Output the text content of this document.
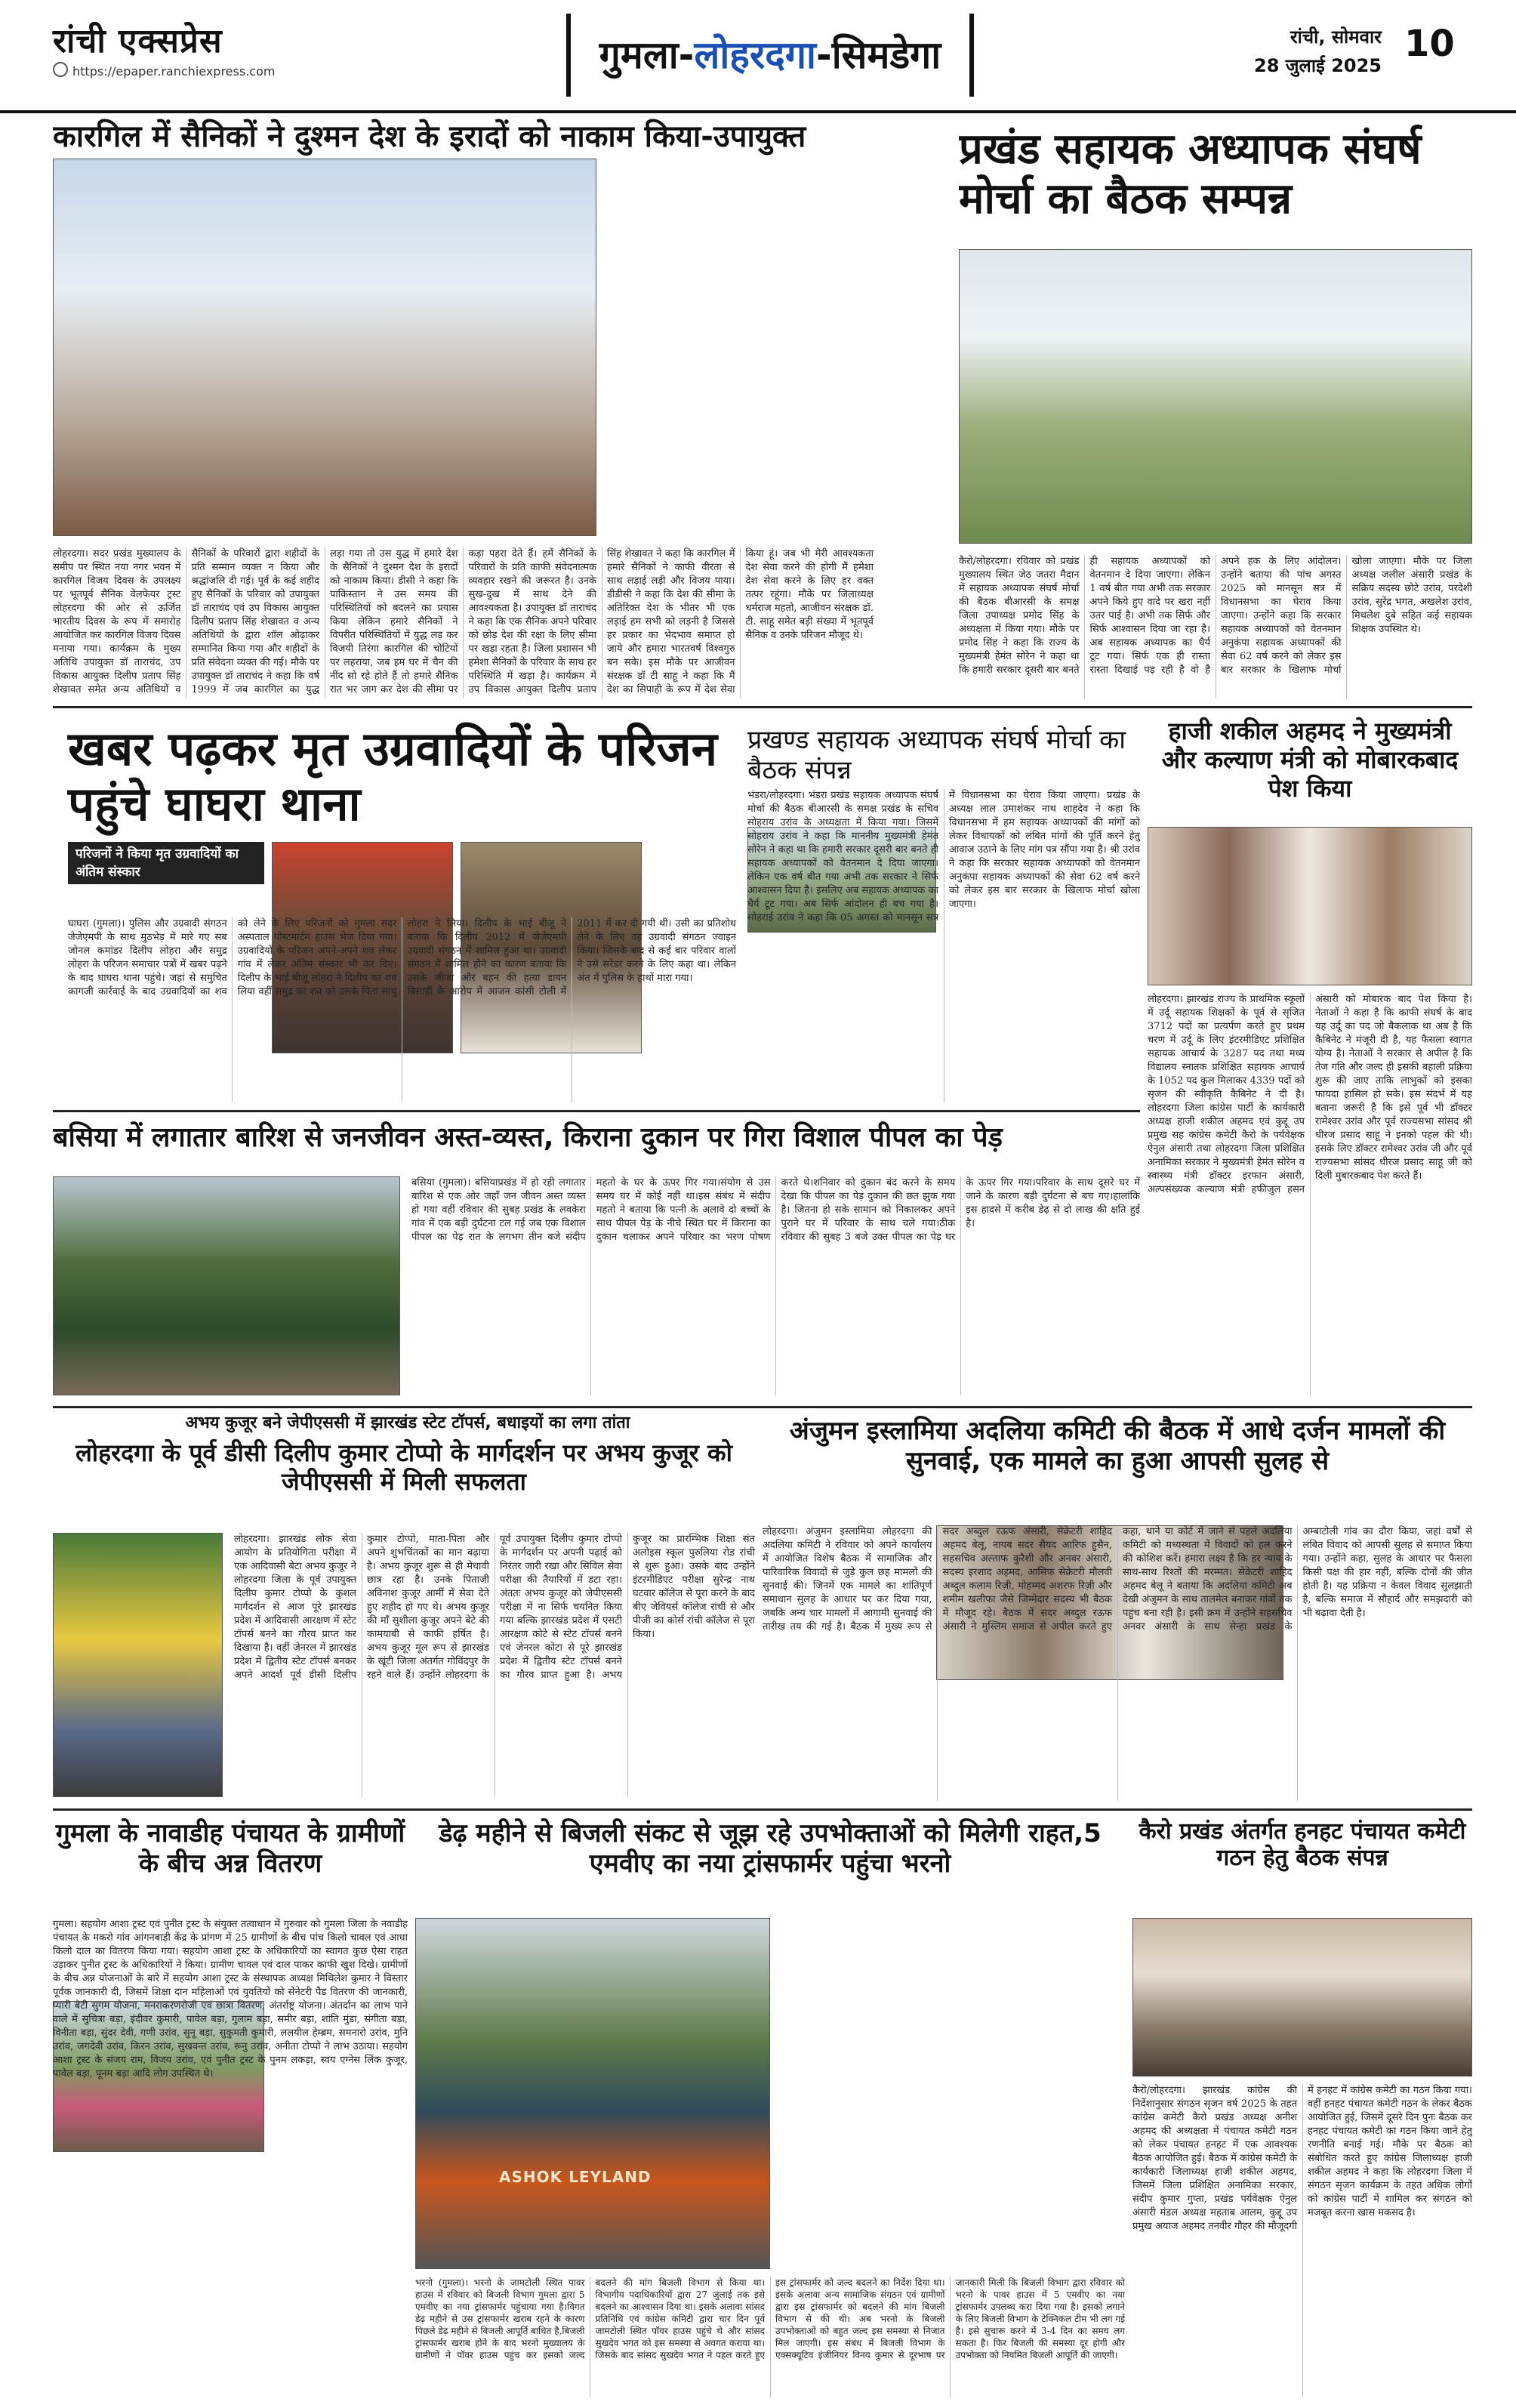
रांची एक्सप्रेस
https://epaper.ranchiexpress.com	गुमला-लोहरदगा-सिमडेगा	रांची, सोमवार
28 जुलाई 2025
10
कारगिल में सैनिकों ने दुश्मन देश के इरादों को नाकाम किया-उपायुक्त
लोहरदगा। सदर प्रखंड मुख्यालय के समीप पर स्थित नया नगर भवन में कारगिल विजय दिवस के उपलक्ष्य पर भूतपूर्व सैनिक वेलफेयर ट्रस्ट लोहरदगा की ओर से ऊर्जित भारतीय दिवस के रूप में समारोह आयोजित कर कारगिल विजय दिवस मनाया गया। कार्यक्रम के मुख्य अतिथि उपायुक्त डॉ ताराचंद, उप विकास आयुक्त दिलीप प्रताप सिंह शेखावत समेत अन्य अतिथियों व सैनिकों के परिवारों द्वारा शहीदों के प्रति सम्मान व्यक्त न किया और श्रद्धांजलि दी गई। पूर्व के कई शहीद हुए सैनिकों के परिवार को उपायुक्त डॉ ताराचंद एवं उप विकास आयुक्त दिलीप प्रताप सिंह शेखावत व अन्य अतिथियों के द्वारा शॉल ओढ़ाकर सम्मानित किया गया और शहीदों के प्रति संवेदना व्यक्त की गई। मौके पर उपायुक्त डॉ ताराचंद ने कहा कि वर्ष 1999 में जब कारगिल का युद्ध लड़ा गया तो उस युद्ध में हमारे देश के सैनिकों ने दुश्मन देश के इरादों को नाकाम किया। डीसी ने कहा कि पाकिस्तान ने उस समय की परिस्थितियों को बदलने का प्रयास किया लेकिन हमारे सैनिकों ने विपरीत परिस्थितियों में युद्ध लड़ कर विजयी तिरंगा कारगिल की चोटियों पर लहराया, जब हम घर में चैन की नींद सो रहे होते हैं तो हमारे सैनिक रात भर जाग कर देश की सीमा पर कड़ा पहरा देते हैं। हमें सैनिकों के परिवारों के प्रति काफी संवेदनात्मक व्यवहार रखने की जरूरत है। उनके सुख-दुख में साथ देने की आवश्यकता है। उपायुक्त डॉ ताराचंद ने कहा कि एक सैनिक अपने परिवार को छोड़ देश की रक्षा के लिए सीमा पर खड़ा रहता है। जिला प्रशासन भी हमेशा सैनिकों के परिवार के साथ हर परिस्थिति में खड़ा है। कार्यक्रम में उप विकास आयुक्त दिलीप प्रताप सिंह शेखावत ने कहा कि कारगिल में हमारे सैनिकों ने काफी वीरता से साथ लड़ाई लड़ी और विजय पाया। डीडीसी ने कहा कि देश की सीमा के अतिरिक्त देश के भीतर भी एक लड़ाई हम सभी को लड़नी है जिससे हर प्रकार का भेदभाव समाप्त हो जाये और हमारा भारतवर्ष विश्वगुरु बन सके। इस मौके पर आजीवन संरक्षक डॉ टी साहू ने कहा कि मैं देश का सिपाही के रूप में देश सेवा किया हूं। जब भी मेरी आवश्यकता देश सेवा करने की होगी मैं हमेशा देश सेवा करने के लिए हर वक्त तत्पर रहूंगा। मौके पर जिलाध्यक्ष धर्मराज महतो, आजीवन संरक्षक डॉ. टी. साहू समेत बड़ी संख्या में भूतपूर्व सैनिक व उनके परिजन मौजूद थे।
प्रखंड सहायक अध्यापक संघर्ष मोर्चा का बैठक सम्पन्न
कैरो/लोहरदगा। रविवार को प्रखंड मुख्यालय स्थित जेठ जतरा मैदान में सहायक अध्यापक संघर्ष मोर्चा की बैठक बीआरसी के समक्ष जिला उपाध्यक्ष प्रमोद सिंह के अध्यक्षता में किया गया। मौके पर प्रमोद सिंह ने कहा कि राज्य के मुख्यमंत्री हेमंत सोरेन ने कहा था कि हमारी सरकार दूसरी बार बनते ही सहायक अध्यापकों को वेतनमान दे दिया जाएगा। लेकिन 1 वर्ष बीत गया अभी तक सरकार अपने किये हुए वादे पर खरा नहीं उतर पाई है। अभी तक सिर्फ और सिर्फ आश्वासन दिया जा रहा है। अब सहायक अध्यापक का धैर्य टूट गया। सिर्फ एक ही रास्ता रास्ता दिखाई पड़ रही है वो है अपने हक के लिए आंदोलन। उन्होंने बताया की पांच अगस्त 2025 को मानसून सत्र में विधानसभा का घेराव किया जाएगा। उन्होंने कहा कि सरकार सहायक अध्यापकों को वेतनमान अनुकंपा सहायक अध्यापकों की सेवा 62 वर्ष करने को लेकर इस बार सरकार के खिलाफ मोर्चा खोला जाएगा। मौके पर जिला अध्यक्ष जलील अंसारी प्रखंड के सक्रिय सदस्य छोटे उरांव, परदेशी उरांव, सुरेंद्र भगत, अखलेश उरांव, मिथलेश दुबे सहित कई सहायक शिक्षक उपस्थित थे।
खबर पढ़कर मृत उग्रवादियों के परिजन पहुंचे घाघरा थाना
परिजनों ने किया मृत उग्रवादियों का अंतिम संस्कार
घाघरा (गुमला)। पुलिस और उग्रवादी संगठन जेजेएमपी के साथ मुठभेड़ में मारे गए सब जोनल कमांडर दिलीप लोहरा और समुद्र लोहरा के परिजन समाचार पत्रों में खबर पढ़ने के बाद घाघरा थाना पहुंचे। जहां से समुचित कागजी कार्रवाई के बाद उग्रवादियों का शव को लेने के लिए परिजनों को गुमला सदर अस्पताल पोस्टमार्टम हाउस भेज दिया गया। उग्रवादियों के परिजन अपने-अपने शव लेकर गांव में लेकर अंतिम संस्कार भी कर दिए। दिलीप के भाई बीजू लोहरा ने दिलीप का शव लिया वहीं समुद्र का शव को उसके पिता साधु लोहरा ने लिया। दिलीप के भाई बीजू ने बताया कि दिलीप 2012 में जेजेएमपी उग्रवादी संगठन में शामिल हुआ था। उग्रवादी संगठन में शामिल होने का कारण बताया कि उसके जीजा और बहन की हत्या डायन बिसाही के आरोप में आजन कांसी टोली में 2011 में कर दी गयी थी। उसी का प्रतिशोध लेने के लिए वह उग्रवादी संगठन ज्वाइन किया। जिसके बाद से कई बार परिवार वालों ने उसे सरेंडर करने के लिए कहा था। लेकिन अंत में पुलिस के हाथों मारा गया।
प्रखण्ड सहायक अध्यापक संघर्ष मोर्चा का बैठक संपन्न
भंडरा/लोहरदगा। भंडरा प्रखंड सहायक अध्यापक संघर्ष मोर्चा की बैठक बीआरसी के समक्ष प्रखंड के सचिव सोहराय उरांव के अध्यक्षता में किया गया। जिसमें सोहराय उरांव ने कहा कि माननीय मुख्यमंत्री हेमंत सोरेन ने कहा था कि हमारी सरकार दूसरी बार बनते ही सहायक अध्यापकों को वेतनमान दे दिया जाएगा। लेकिन एक वर्ष बीत गया अभी तक सरकार ने सिर्फ आश्वासन दिया है। इसलिए अब सहायक अध्यापक का धैर्य टूट गया। अब सिर्फ आंदोलन ही बच गया है। सोहराई उरांव ने कहा कि 05 अगस्त को मानसून सत्र में विधानसभा का घेराव किया जाएगा। प्रखंड के अध्यक्ष लाल उमाशंकर नाथ शाहदेव ने कहा कि विधानसभा में हम सहायक अध्यापकों की मांगों को लेकर विधायकों को लंबित मांगों की पूर्ति करने हेतु आवाज उठाने के लिए मांग पत्र सौंपा गया है। श्री उरांव ने कहा कि सरकार सहायक अध्यापकों को वेतनमान अनुकंपा सहायक अध्यापकों की सेवा 62 वर्ष करने को लेकर इस बार सरकार के खिलाफ मोर्चा खोला जाएगा।
हाजी शकील अहमद ने मुख्यमंत्री और कल्याण मंत्री को मोबारकबाद पेश किया
लोहरदगा। झारखंड राज्य के प्राथमिक स्कूलों में उर्दू सहायक शिक्षकों के पूर्व से सृजित 3712 पदों का प्रत्यर्पण करते हुए प्रथम चरण में उर्दू के लिए इंटरमीडिएट प्रशिक्षित सहायक आचार्य के 3287 पद तथा मध्य विद्यालय स्नातक प्रशिक्षित सहायक आचार्य के 1052 पद कुल मिलाकर 4339 पदों को सृजन की स्वीकृति कैबिनेट ने दी है। लोहरदगा जिला कांग्रेस पार्टी के कार्यकारी अध्यक्ष हाजी शकील अहमद एवं कुद्दू उप प्रमुख सह कांग्रेस कमेटी कैरो के पर्यवेक्षक ऐनुल अंसारी तथा लोहरदगा जिला प्रशिक्षित अनामिका सरकार ने मुख्यमंत्री हेमंत सोरेन व स्वास्थ्य मंत्री डॉक्टर इरफान अंसारी, अल्पसंख्यक कल्याण मंत्री हफीजुल हसन अंसारी को मोबारक बाद पेश किया है। नेताओं ने कहा है कि काफी संघर्ष के बाद यह उर्दू का पद जो बैकलाक था अब है कि कैबिनेट ने मंजूरी दी है, यह फैसला स्वागत योग्य है। नेताओं ने सरकार से अपील है कि तेज गति और जल्द ही इसकी बहाली प्रक्रिया शुरू की जाए ताकि लाभुकों को इसका फायदा हासिल हो सके। इस संदर्भ में यह बताना जरूरी है कि इसे पूर्व भी डॉक्टर रामेश्वर उरांव और पूर्व राज्यसभा सांसद श्री धीरज प्रसाद साहू ने इनको पहल की थी। इसके लिए डॉक्टर रामेश्वर उरांव जी और पूर्व राज्यसभा सांसद धीरज प्रसाद साहू जी को दिली मुबारकबाद पेश करते हैं।
बसिया में लगातार बारिश से जनजीवन अस्त-व्यस्त, किराना दुकान पर गिरा विशाल पीपल का पेड़
बसिया (गुमला)। बसियाप्रखंड में हो रही लगातार बारिश से एक ओर जहाँ जन जीवन अस्त व्यस्त हो गया वहीं रविवार की सुबह प्रखंड के लवकेरा गांव में एक बड़ी दुर्घटना टल गई जब एक विशाल पीपल का पेड़ रात के लगभग तीन बजे संदीप महतो के घर के ऊपर गिर गया।संयोग से उस समय घर में कोई नहीं था।इस संबंध में संदीप महतो ने बताया कि पत्नी के अलावे दो बच्चों के साथ पीपल पेड़ के नीचे स्थित घर में किराना का दुकान चलाकर अपने परिवार का भरण पोषण करते थे।शनिवार को दुकान बंद करने के समय देखा कि पीपल का पेड़ दुकान की छत झुक गया है। जितना हो सके सामान को निकालकर अपने पुराने घर में परिवार के साथ चले गया।ठीक रविवार की सुबह 3 बजे उक्त पीपल का पेड़ घर के ऊपर गिर गया।परिवार के साथ दूसरे घर में जाने के कारण बड़ी दुर्घटना से बच गए।हालांकि इस हादसे में करीब डेढ़ से दो लाख की क्षति हुई है।
अभय कुजूर बने जेपीएससी में झारखंड स्टेट टॉपर्स, बधाइयों का लगा तांता
लोहरदगा के पूर्व डीसी दिलीप कुमार टोप्पो के मार्गदर्शन पर अभय कुजूर को जेपीएससी में मिली सफलता
लोहरदगा। झारखंड लोक सेवा आयोग के प्रतियोगिता परीक्षा में एक आदिवासी बेटा अभय कुजूर ने लोहरदगा जिला के पूर्व उपायुक्त दिलीप कुमार टोप्पो के कुशल मार्गदर्शन से आज पूरे झारखंड प्रदेश में आदिवासी आरक्षण में स्टेट टॉपर्स बनने का गौरव प्राप्त कर दिखाया है। वहीं जेनरल में झारखंड प्रदेश में द्वितीय स्टेट टॉपर्स बनकर अपने आदर्श पूर्व डीसी दिलीप कुमार टोप्पो, माता-पिता और अपने शुभचिंतकों का मान बढ़ाया है। अभय कुजूर शुरू से ही मेधावी छात्र रहा है। उनके पिताजी अविनाश कुजूर आर्मी में सेवा देते हुए शहीद हो गए थे। अभय कुजूर की माँ सुशीला कुजूर अपने बेटे की कामयाबी से काफी हर्षित है। अभय कुजूर मूल रूप से झारखंड के खूंटी जिला अंतर्गत गोविंदपुर के रहने वाले हैं। उन्होंने लोहरदगा के पूर्व उपायुक्त दिलीप कुमार टोप्पो के मार्गदर्शन पर अपनी पढ़ाई को निरंतर जारी रखा और सिविल सेवा परीक्षा की तैयारियों में डटा रहा। अंततः अभय कुजूर को जेपीएससी परीक्षा में ना सिर्फ चयनित किया गया बल्कि झारखंड प्रदेश में एसटी आरक्षण कोटे से स्टेट टॉपर्स बनने एवं जेनरल कोटा से पूरे झारखंड प्रदेश में द्वितीय स्टेट टॉपर्स बनने का गौरव प्राप्त हुआ है। अभय कुजूर का प्रारम्भिक शिक्षा संत अलोइस स्कूल पुरुलिया रोड रांची से शुरू हुआ। उसके बाद उन्होंने इंटरमीडिएट परीक्षा सुरेन्द्र नाथ घटवार कॉलेज से पूरा करने के बाद बीए जेवियर्स कॉलेज रांची से और पीजी का कोर्स रांची कॉलेज से पूरा किया।
अंजुमन इस्लामिया अदलिया कमिटी की बैठक में आधे दर्जन मामलों की सुनवाई, एक मामले का हुआ आपसी सुलह से
लोहरदगा। अंजुमन इस्लामिया लोहरदगा की अदलिया कमिटी ने रविवार को अपने कार्यालय में आयोजित विशेष बैठक में सामाजिक और पारिवारिक विवादों से जुड़े कुल छह मामलों की सुनवाई की। जिनमें एक मामले का शांतिपूर्ण समाधान सुलह के आधार पर कर दिया गया, जबकि अन्य चार मामलों में आगामी सुनवाई की तारीख तय की गई है। बैठक में मुख्य रूप से सदर अब्दुल रऊफ अंसारी, सेक्रेटरी शाहिद अहमद बेलू, नायब सदर सैयद आरिफ हुसैन, सहसचिव अल्ताफ कुरैशी और अनवर अंसारी, सदस्य इरशाद अहमद, आसिफ सेक्रेटरी मौलवी अब्दुल कलाम रिज़ी, मोहम्मद अशरफ रिज़ी और शमीम खलीफा जैसे जिम्मेदार सदस्य भी बैठक में मौजूद रहे। बैठक में सदर अब्दुल रऊफ अंसारी ने मुस्लिम समाज से अपील करते हुए कहा, थाने या कोर्ट में जाने से पहले अदलिया कमिटी को मध्यस्थता में विवादों को हल करने की कोशिश करें। हमारा लक्ष्य है कि हर न्याय के साथ-साथ रिश्तों की मरम्मत। सेक्रेटरी शाहिद अहमद बेलू ने बताया कि अदलिया कमिटी अब देखी अंजुमन के साथ तालमेल बनाकर गांवों तक पहुंच बना रही है। इसी क्रम में उन्होंने सहसचिव अनवर अंसारी के साथ सेन्हा प्रखंड के अम्बाटोली गांव का दौरा किया, जहां वर्षों से लंबित विवाद को आपसी सुलह से समाप्त किया गया। उन्होंने कहा, सुलह के आधार पर फैसला किसी पक्ष की हार नहीं, बल्कि दोनों की जीत होती है। यह प्रक्रिया न केवल विवाद सुलझाती है, बल्कि समाज में सौहार्द और समझदारी को भी बढ़ावा देती है।
गुमला के नावाडीह पंचायत के ग्रामीणों के बीच अन्न वितरण
गुमला। सहयोग आशा ट्रस्ट एवं पुनीत ट्रस्ट के संयुक्त तत्वाधान में गुरुवार को गुमला जिला के नवाडीह पंचायत के मकरो गांव आंगनबाड़ी केंद्र के प्रांगण में 25 ग्रामीणों के बीच पांच किलो चावल एवं आधा किलो दाल का वितरण किया गया। सहयोग आशा ट्रस्ट के अधिकारियों का स्वागत कुछ ऐसा राहत उड़ाकर पुनीत ट्रस्ट के अधिकारियों ने किया। ग्रामीण चावल एवं दाल पाकर काफी खुश दिखे। ग्रामीणों के बीच अन्न योजनाओं के बारे में सहयोग आशा ट्रस्ट के संस्थापक अध्यक्ष मिथिलेश कुमार ने विस्तार पूर्वक जानकारी दी, जिसमें शिक्षा दान महिलाओं एवं युवतियों को सेनेटरी पैड वितरण की जानकारी, प्यारी बेटी सुगम योजना, मनराकरणरोजी एवं छात्रा वितरण, अंतर्राष्ट्र योजना। अंतर्दान का लाभ पाने वाले में सुचित्रा बड़ा, इंदीवर कुमारी, पावेल बड़ा, गुलाम बड़ा, समीर बड़ा, शांति मुंडा, संगीता बड़ा, विनीता बड़ा, सुंदर देवी, गणी उरांव, सुनू बड़ा, सुकुमती कुमारी, ललयील हेम्ब्रम, समनारो उरांव, मुनि उरांव, जगदेवी उरांव, किरन उरांव, सुखवन्त उरांव, रूनु उरांव, अनीता टोप्पो ने लाभ उठाया। सहयोग आशा ट्रस्ट के संजय राम, विजय उरांव, एवं पुनीत ट्रस्ट के पुनम लकड़ा, स्वय एग्नेस लिंक कुजूर, पावेल बड़ा, पूनम बड़ा आदि लोग उपस्थित थे।
डेढ़ महीने से बिजली संकट से जूझ रहे उपभोक्ताओं को मिलेगी राहत,5 एमवीए का नया ट्रांसफार्मर पहुंचा भरनो
ASHOK LEYLAND
भरनो (गुमला)। भरनो के जामटोली स्थित पावर हाउस में रविवार को बिजली विभाग गुमला द्वारा 5 एमवीए का नया ट्रांसफार्मर पहुंचाया गया है।विगत डेढ़ महीने से उस ट्रांसफार्मर खराब रहने के कारण पिछले डेढ़ महीने से बिजली आपूर्ति बाधित है,बिजली ट्रांसफार्मर खराब होने के बाद भरनो मुख्यालय के ग्रामीणों ने पॉवर हाउस पहुंच कर इसको जल्द बदलने की मांग बिजली विभाग से किया था। विभागीय पदाधिकारियों द्वारा 27 जुलाई तक इसे बदलने का आश्वासन दिया था। इसके अलावा सांसद प्रतिनिधि एवं कांग्रेस कमिटी द्वारा चार दिन पूर्व जामटोली स्थित पॉवर हाउस पहुंचे थे और सांसद सुखदेव भगत को इस समस्या से अवगत कराया था। जिसके बाद सांसद सुखदेव भगत ने पहल करते हुए इस ट्रांसफार्मर को जल्द बदलने का निर्देश दिया था। इसके अलावा अन्य सामाजिक संगठन एवं ग्रामीणों द्वारा इस ट्रांसफार्मर को बदलने की मांग बिजली विभाग से की थी। अब भरनो के बिजली उपभोक्ताओं को बहुत जल्द इस समस्या से निजात मिल जाएगी। इस संबंध में बिजली विभाग के एक्सक्यूटिव इंजीनियर विनय कुमार से दूरभाष पर जानकारी मिली कि बिजली विभाग द्वारा रविवार को भरनो के पावर हाउस में 5 एमवीए का नया ट्रांसफार्मर उपलब्ध करा दिया गया है। इसको लगाने के लिए बिजली विभाग के टेक्निकल टीम भी लग गई है। इसे सुचारू करने में 3-4 दिन का समय लग सकता है। फिर बिजली की समस्या दूर होगी और उपभोक्ता को नियमित बिजली आपूर्ति की जाएगी।
कैरो प्रखंड अंतर्गत हनहट पंचायत कमेटी गठन हेतु बैठक संपन्न
कैरो/लोहरदगा। झारखंड कांग्रेस की निर्देशानुसार संगठन सृजन वर्ष 2025 के तहत कांग्रेस कमेटी कैरो प्रखंड अध्यक्ष अनीश अहमद की अध्यक्षता में पंचायत कमेटी गठन को लेकर पंचायत हनहट में एक आवश्यक बैठक आयोजित हुई। बैठक में कांग्रेस कमेटी के कार्यकारी जिलाध्यक्ष हाजी शकील अहमद, जिसमें जिला प्रशिक्षित अनामिका सरकार, संदीप कुमार गुप्ता, प्रखंड पर्यवेक्षक ऐनुल अंसारी मंडल अध्यक्ष महताब आलम, कुद्दू उप प्रमुख अयाज अहमद तनवीर गौहर की मौजूदगी में हनहट में कांग्रेस कमेटी का गठन किया गया। वहीं हनहट पंचायत कमेटी गठन के लेकर बैठक आयोजित हुई, जिसमें दूसरे दिन पुनः बैठक कर हनहट पंचायत कमेटी का गठन किया जाने हेतु रणनीति बनाई गई। मौके पर बैठक को संबोधित करते हुए कांग्रेस जिलाध्यक्ष हाजी शकील अहमद ने कहा कि लोहरदगा जिला में संगठन सृजन कार्यक्रम के तहत अधिक लोगों को कांग्रेस पार्टी में शामिल कर संगठन को मजबूत करना खास मकसद है।
